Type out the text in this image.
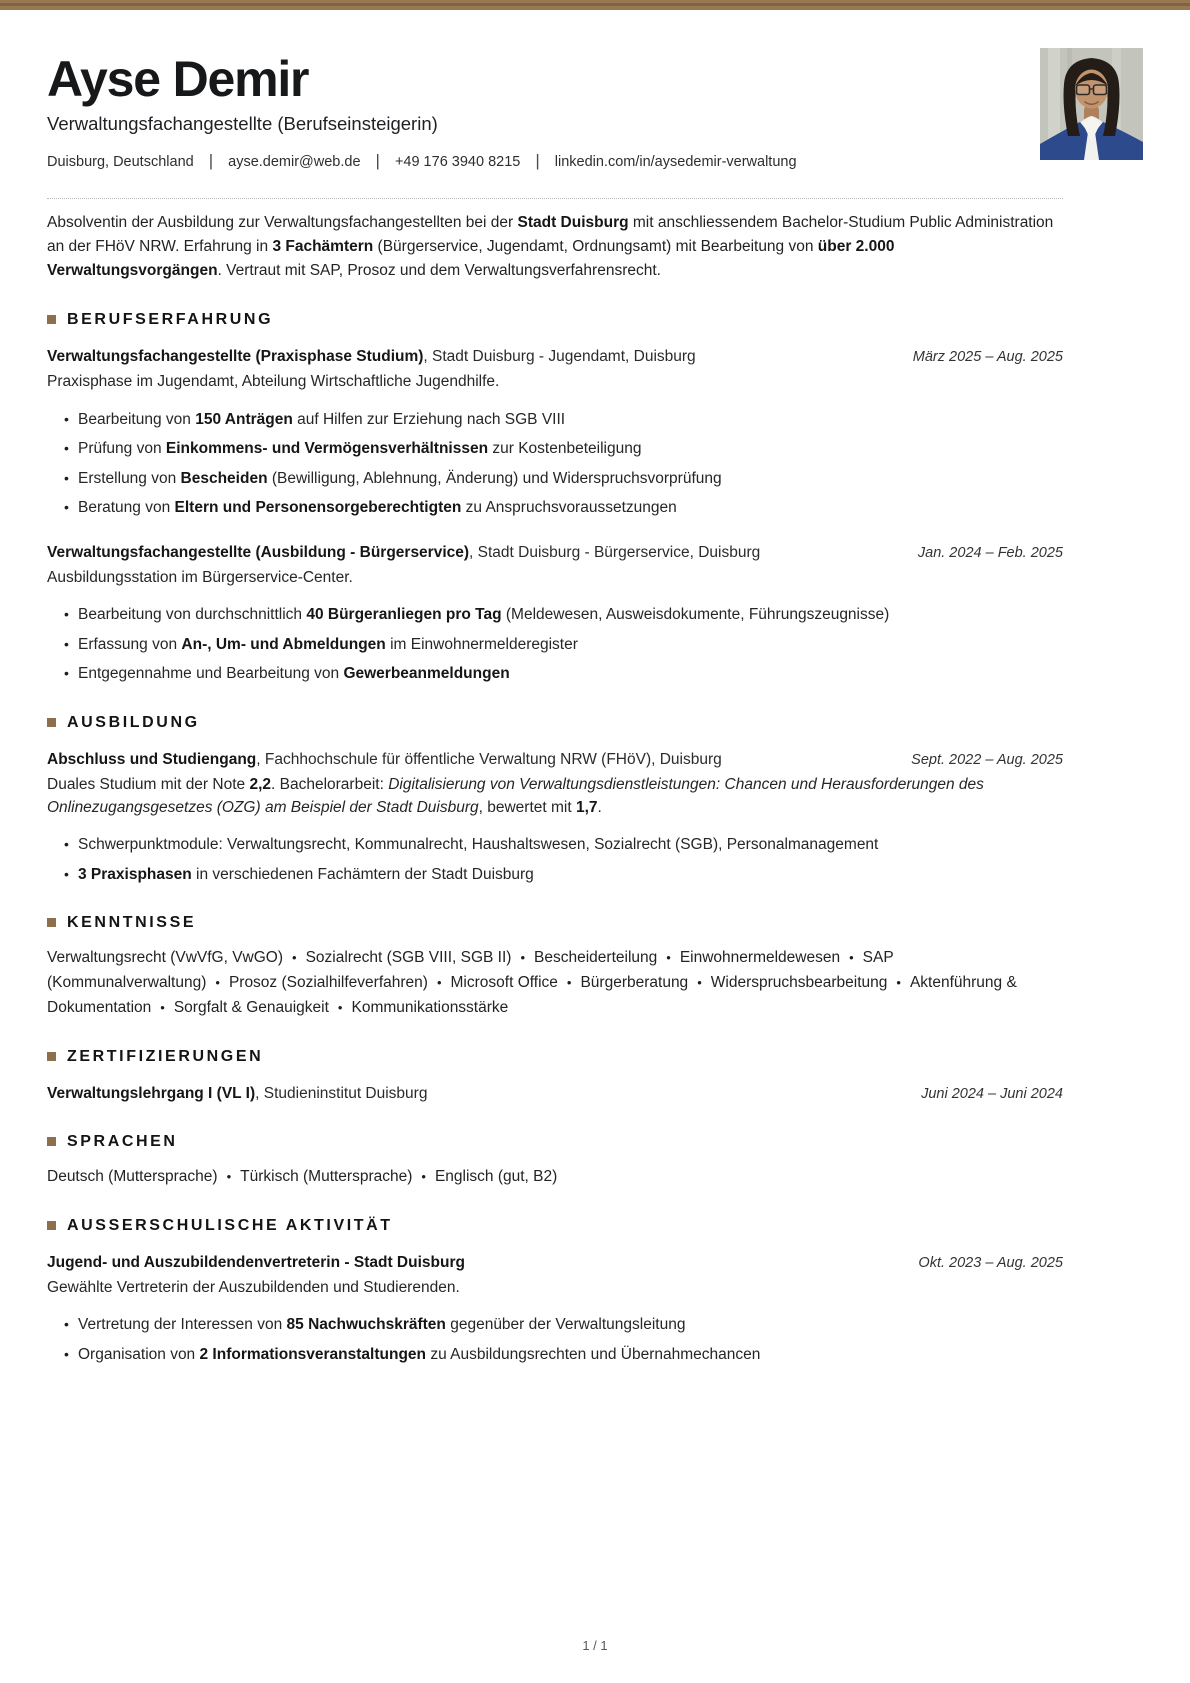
Ayse Demir

Verwaltungsfachangestellte (Berufseinsteigerin)

Duisburg, Deutschland | ayse.demir@web.de | +49 176 3940 8215 | linkedin.com/in/aysedemir-verwaltung

Absolventin der Ausbildung zur Verwaltungsfachangestellten bei der Stadt Duisburg mit anschliessendem Bachelor-Studium Public Administration an der FHöV NRW. Erfahrung in 3 Fachämtern (Bürgerservice, Jugendamt, Ordnungsamt) mit Bearbeitung von über 2.000 Verwaltungsvorgängen. Vertraut mit SAP, Prosoz und dem Verwaltungsverfahrensrecht.

BERUFSERFAHRUNG
Verwaltungsfachangestellte (Praxisphase Studium), Stadt Duisburg - Jugendamt, Duisburg	März 2025 – Aug. 2025

Praxisphase im Jugendamt, Abteilung Wirtschaftliche Jugendhilfe.

• Bearbeitung von 150 Anträgen auf Hilfen zur Erziehung nach SGB VIII
• Prüfung von Einkommens- und Vermögensverhältnissen zur Kostenbeteiligung
• Erstellung von Bescheiden (Bewilligung, Ablehnung, Änderung) und Widerspruchsvorprüfung
• Beratung von Eltern und Personensorgeberechtigten zu Anspruchsvoraussetzungen
Verwaltungsfachangestellte (Ausbildung - Bürgerservice), Stadt Duisburg - Bürgerservice, Duisburg	Jan. 2024 – Feb. 2025

Ausbildungsstation im Bürgerservice-Center.

• Bearbeitung von durchschnittlich 40 Bürgeranliegen pro Tag (Meldewesen, Ausweisdokumente, Führungszeugnisse)
• Erfassung von An-, Um- und Abmeldungen im Einwohnermelderegister
• Entgegennahme und Bearbeitung von Gewerbeanmeldungen
AUSBILDUNG
Abschluss und Studiengang, Fachhochschule für öffentliche Verwaltung NRW (FHöV), Duisburg	Sept. 2022 – Aug. 2025

Duales Studium mit der Note 2,2. Bachelorarbeit: Digitalisierung von Verwaltungsdienstleistungen: Chancen und Herausforderungen des Onlinezugangsgesetzes (OZG) am Beispiel der Stadt Duisburg, bewertet mit 1,7.

• Schwerpunktmodule: Verwaltungsrecht, Kommunalrecht, Haushaltswesen, Sozialrecht (SGB), Personalmanagement
• 3 Praxisphasen in verschiedenen Fachämtern der Stadt Duisburg
KENNTNISSE

Verwaltungsrecht (VwVfG, VwGO) • Sozialrecht (SGB VIII, SGB II) • Bescheiderteilung • Einwohnermeldewesen • SAP (Kommunalverwaltung) • Prosoz (Sozialhilfeverfahren) • Microsoft Office • Bürgerberatung • Widerspruchsbearbeitung • Aktenführung & Dokumentation • Sorgfalt & Genauigkeit • Kommunikationsstärke

ZERTIFIZIERUNGEN
Verwaltungslehrgang I (VL I), Studieninstitut Duisburg	Juni 2024 – Juni 2024
SPRACHEN

Deutsch (Muttersprache) • Türkisch (Muttersprache) • Englisch (gut, B2)

AUSSERSCHULISCHE AKTIVITÄT
Jugend- und Auszubildendenvertreterin - Stadt Duisburg	Okt. 2023 – Aug. 2025

Gewählte Vertreterin der Auszubildenden und Studierenden.

• Vertretung der Interessen von 85 Nachwuchskräften gegenüber der Verwaltungsleitung
• Organisation von 2 Informationsveranstaltungen zu Ausbildungsrechten und Übernahmechancen
1 / 1
